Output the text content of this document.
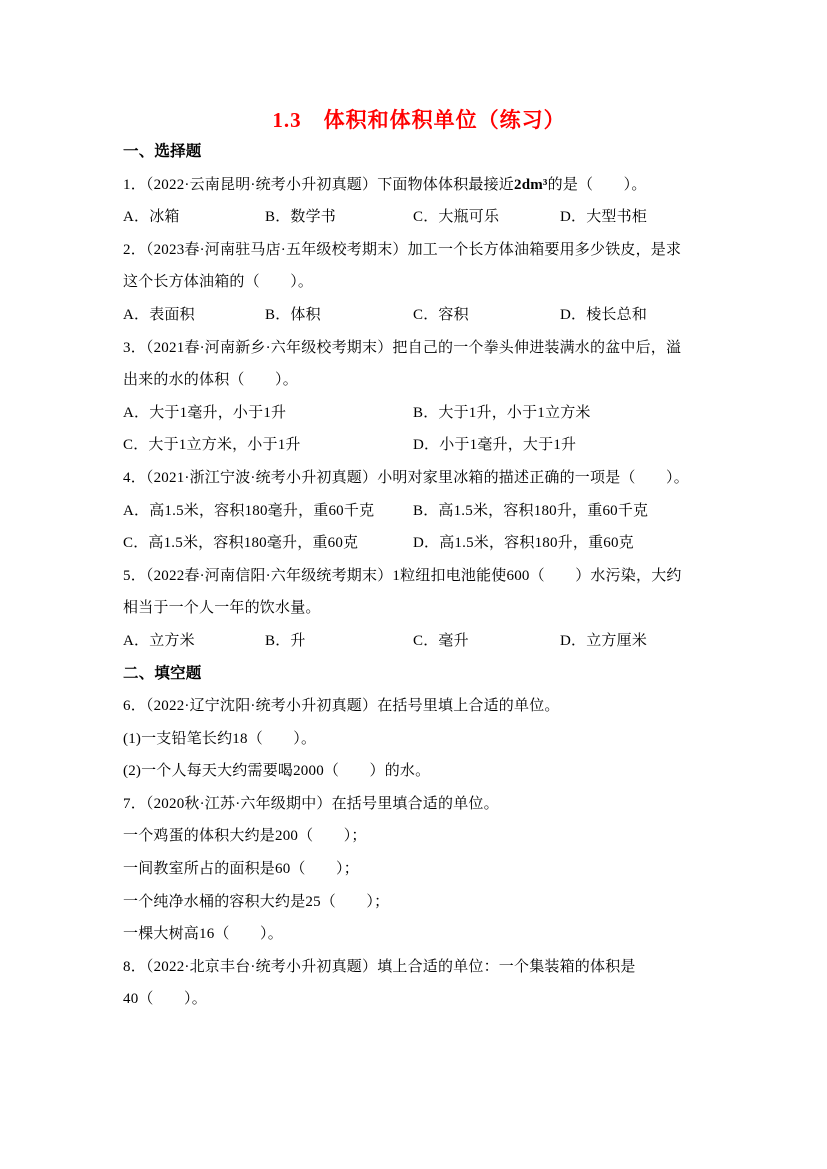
1.3　体积和体积单位（练习）
一、选择题
1．（2022·云南昆明·统考小升初真题）下面物体体积最接近2dm³的是（　　）。
A．冰箱	B．数学书	C．大瓶可乐	D．大型书柜
2．（2023春·河南驻马店·五年级校考期末）加工一个长方体油箱要用多少铁皮，是求
这个长方体油箱的（　　）。
A．表面积	B．体积	C．容积	D．棱长总和
3．（2021春·河南新乡·六年级校考期末）把自己的一个拳头伸进装满水的盆中后，溢
出来的水的体积（　　）。
A．大于1毫升，小于1升	B．大于1升，小于1立方米
C．大于1立方米，小于1升	D．小于1毫升，大于1升
4．（2021·浙江宁波·统考小升初真题）小明对家里冰箱的描述正确的一项是（　　）。
A．高1.5米，容积180毫升，重60千克	B．高1.5米，容积180升，重60千克
C．高1.5米，容积180毫升，重60克	D．高1.5米，容积180升，重60克
5．（2022春·河南信阳·六年级统考期末）1粒纽扣电池能使600（　　）水污染，大约
相当于一个人一年的饮水量。
A．立方米	B．升	C．毫升	D．立方厘米
二、填空题
6．（2022·辽宁沈阳·统考小升初真题）在括号里填上合适的单位。
(1)一支铅笔长约18（　　）。
(2)一个人每天大约需要喝2000（　　）的水。
7．（2020秋·江苏·六年级期中）在括号里填合适的单位。
一个鸡蛋的体积大约是200（　　）；
一间教室所占的面积是60（　　）；
一个纯净水桶的容积大约是25（　　）；
一棵大树高16（　　）。
8．（2022·北京丰台·统考小升初真题）填上合适的单位：一个集装箱的体积是
40（　　）。
